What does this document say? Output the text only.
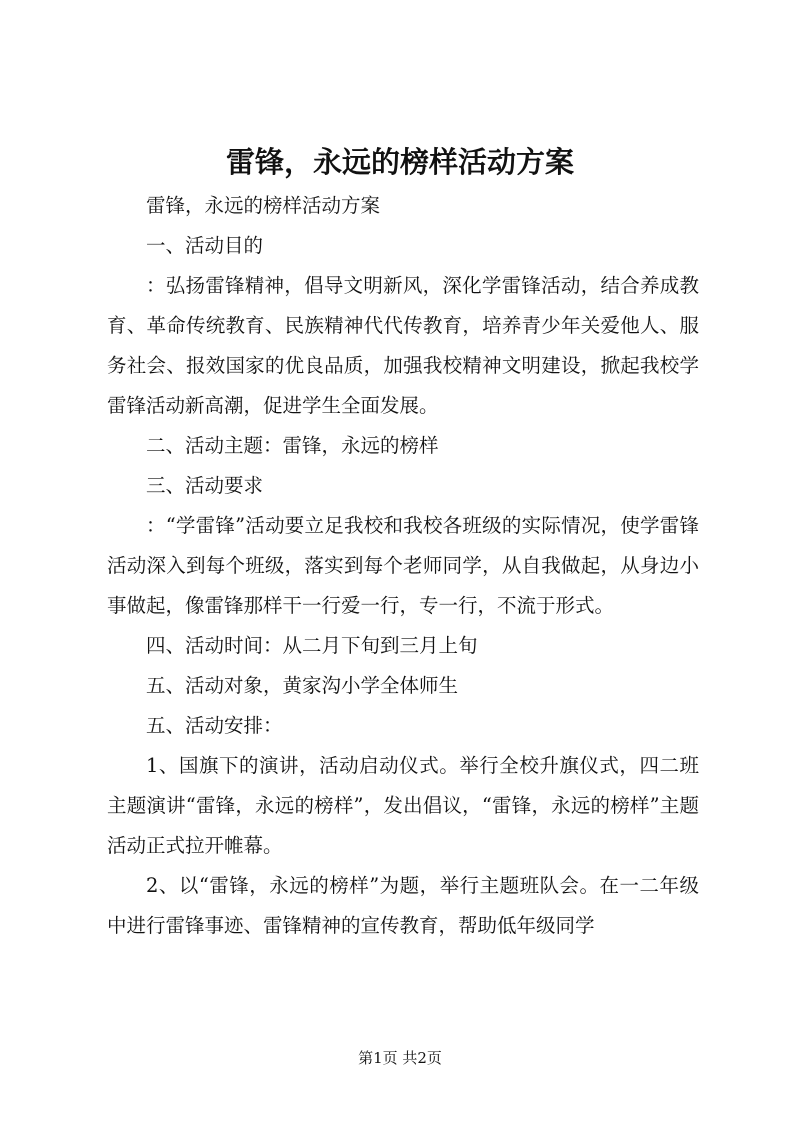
雷锋，永远的榜样活动方案

雷锋，永远的榜样活动方案

一、活动目的

：弘扬雷锋精神，倡导文明新风，深化学雷锋活动，结合养成教育、革命传统教育、民族精神代代传教育，培养青少年关爱他人、服务社会、报效国家的优良品质，加强我校精神文明建设，掀起我校学雷锋活动新高潮，促进学生全面发展。

二、活动主题：雷锋，永远的榜样

三、活动要求

：“学雷锋”活动要立足我校和我校各班级的实际情况，使学雷锋活动深入到每个班级，落实到每个老师同学，从自我做起，从身边小事做起，像雷锋那样干一行爱一行，专一行，不流于形式。

四、活动时间：从二月下旬到三月上旬

五、活动对象，黄家沟小学全体师生

五、活动安排：

1、国旗下的演讲，活动启动仪式。举行全校升旗仪式，四二班主题演讲“雷锋，永远的榜样”，发出倡议，“雷锋，永远的榜样”主题活动正式拉开帷幕。

2、以“雷锋，永远的榜样”为题，举行主题班队会。在一二年级中进行雷锋事迹、雷锋精神的宣传教育，帮助低年级同学

第1页 共2页
